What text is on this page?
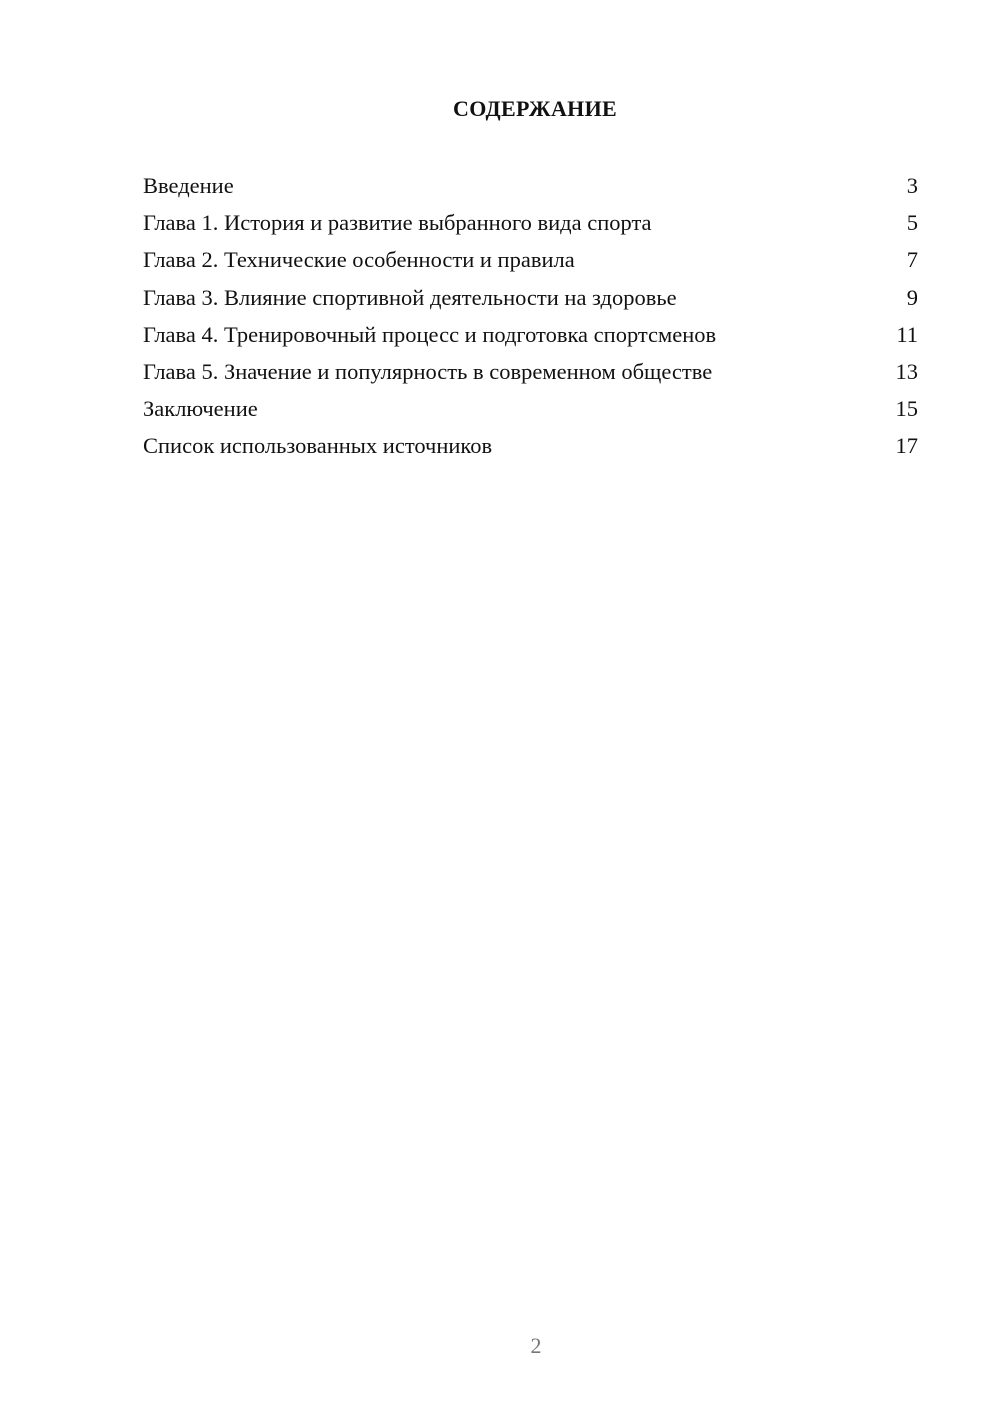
СОДЕРЖАНИЕ
Введение	3
Глава 1. История и развитие выбранного вида спорта	5
Глава 2. Технические особенности и правила	7
Глава 3. Влияние спортивной деятельности на здоровье	9
Глава 4. Тренировочный процесс и подготовка спортсменов	11
Глава 5. Значение и популярность в современном обществе	13
Заключение	15
Список использованных источников	17
2
